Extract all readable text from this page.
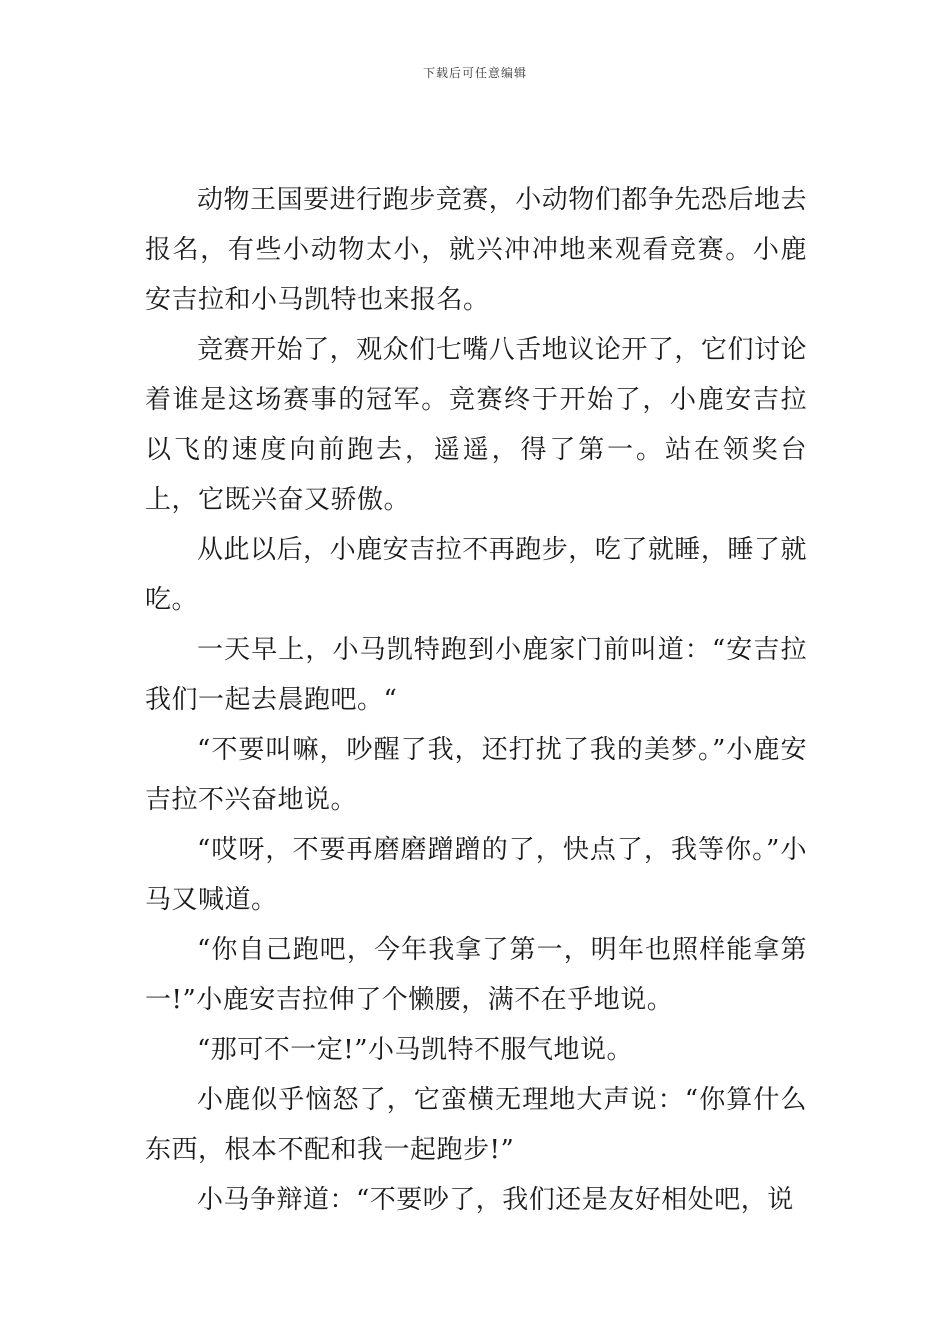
下载后可任意编辑

动物王国要进行跑步竞赛，小动物们都争先恐后地去报名，有些小动物太小，就兴冲冲地来观看竞赛。小鹿安吉拉和小马凯特也来报名。

竞赛开始了，观众们七嘴八舌地议论开了，它们讨论着谁是这场赛事的冠军。竞赛终于开始了，小鹿安吉拉以飞的速度向前跑去，遥遥，得了第一。站在领奖台上，它既兴奋又骄傲。

从此以后，小鹿安吉拉不再跑步，吃了就睡，睡了就吃。

一天早上，小马凯特跑到小鹿家门前叫道：“安吉拉我们一起去晨跑吧。“

“不要叫嘛，吵醒了我，还打扰了我的美梦。”小鹿安吉拉不兴奋地说。

“哎呀，不要再磨磨蹭蹭的了，快点了，我等你。”小马又喊道。

“你自己跑吧，今年我拿了第一，明年也照样能拿第一!”小鹿安吉拉伸了个懒腰，满不在乎地说。

“那可不一定!”小马凯特不服气地说。

小鹿似乎恼怒了，它蛮横无理地大声说：“你算什么东西，根本不配和我一起跑步!”

小马争辩道：“不要吵了，我们还是友好相处吧，说
